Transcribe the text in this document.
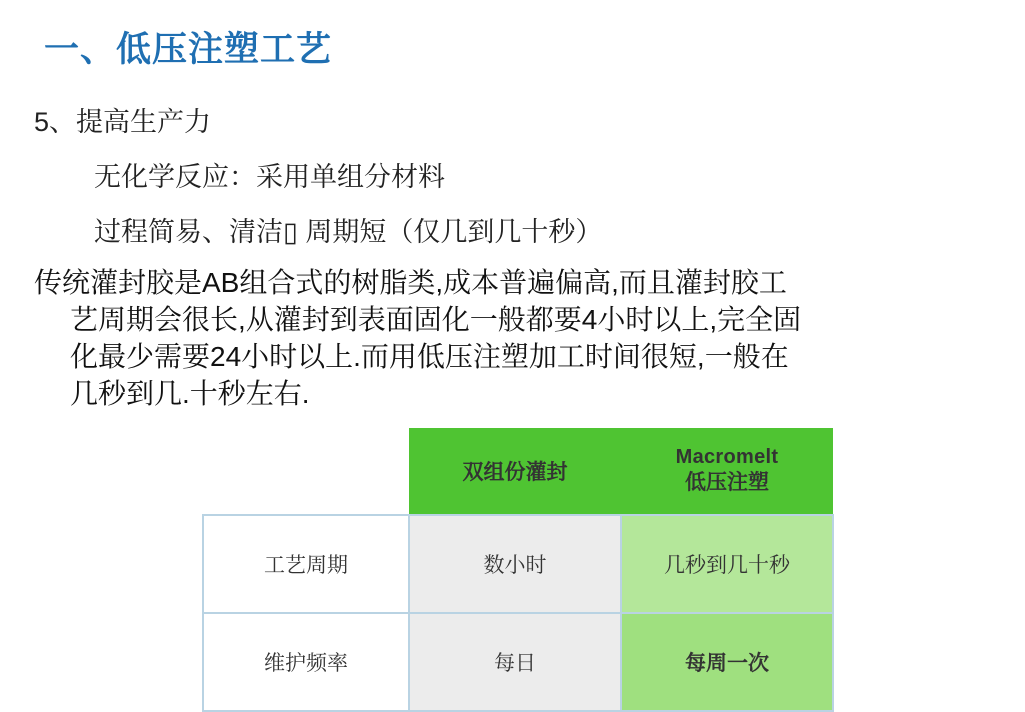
一、低压注塑工艺

5、提高生产力

无化学反应：采用单组分材料

过程简易、清洁▯ 周期短（仅几到几十秒）

传统灌封胶是AB组合式的树脂类,成本普遍偏高,而且灌封胶工
艺周期会很长,从灌封到表面固化一般都要4小时以上,完全固
化最少需要24小时以上.而用低压注塑加工时间很短,一般在
几秒到几.十秒左右.
	双组份灌封	Macromelt
低压注塑

工艺周期	数小时	几秒到几十秒
维护频率	每日	每周一次
